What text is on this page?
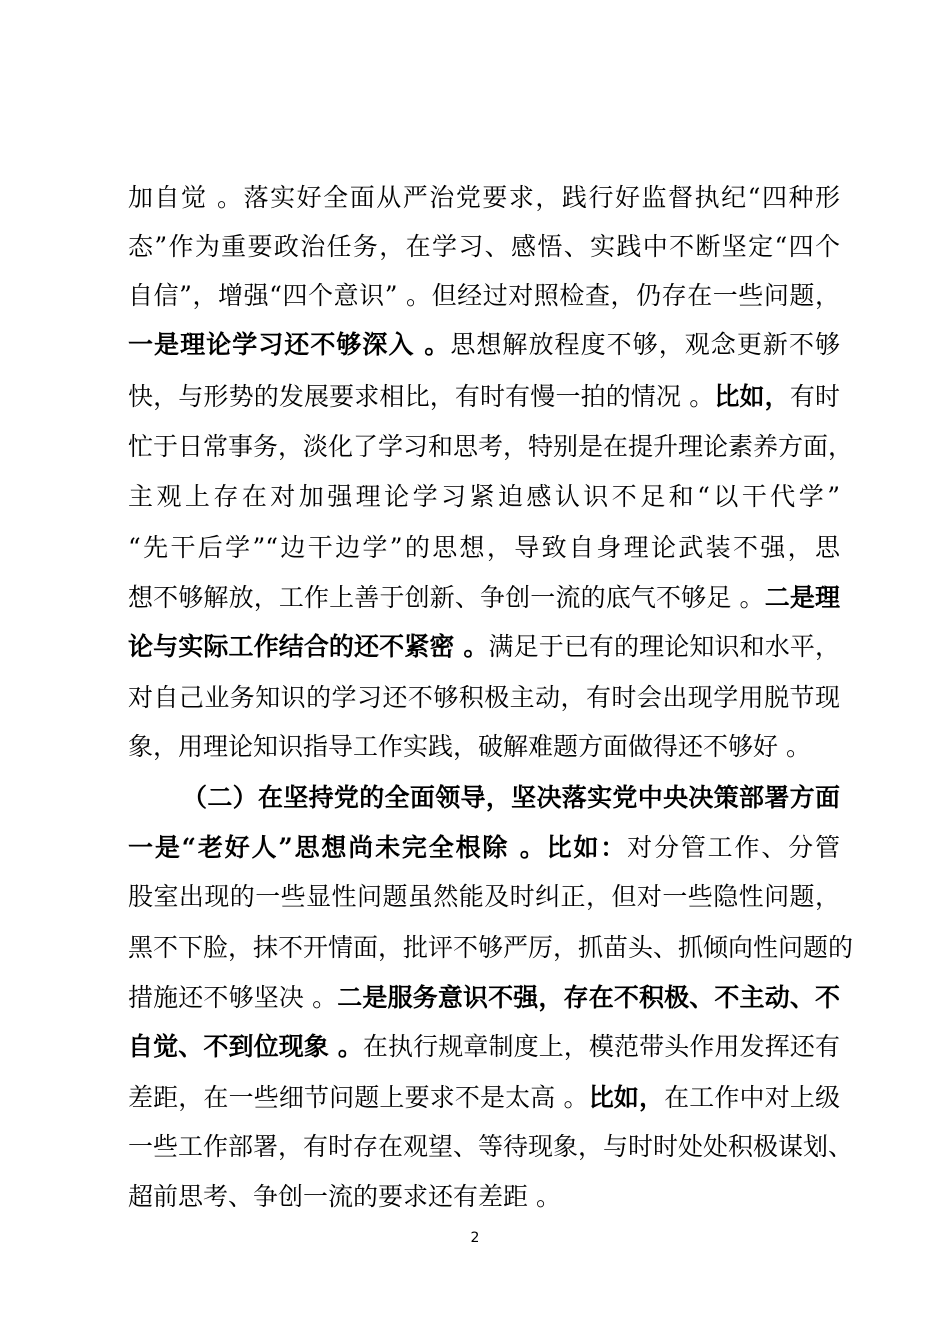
加自觉 。落实好全面从严治党要求，践行好监督执纪“四种形
态”作为重要政治任务，在学习、感悟、实践中不断坚定“四个
自信”，增强“四个意识” 。但经过对照检查，仍存在一些问题，
一是理论学习还不够深入 。思想解放程度不够，观念更新不够
快，与形势的发展要求相比，有时有慢一拍的情况 。比如，有时
忙于日常事务，淡化了学习和思考，特别是在提升理论素养方面，
主观上存在对加强理论学习紧迫感认识不足和“以干代学”
“先干后学”“边干边学”的思想，导致自身理论武装不强，思
想不够解放，工作上善于创新、争创一流的底气不够足 。二是理
论与实际工作结合的还不紧密 。满足于已有的理论知识和水平，
对自己业务知识的学习还不够积极主动，有时会出现学用脱节现
象，用理论知识指导工作实践，破解难题方面做得还不够好 。
（二）在坚持党的全面领导，坚决落实党中央决策部署方面
一是“老好人”思想尚未完全根除 。比如：对分管工作、分管
股室出现的一些显性问题虽然能及时纠正，但对一些隐性问题，
黑不下脸，抹不开情面，批评不够严厉，抓苗头、抓倾向性问题的
措施还不够坚决 。二是服务意识不强，存在不积极、不主动、不
自觉、不到位现象 。在执行规章制度上，模范带头作用发挥还有
差距，在一些细节问题上要求不是太高 。比如，在工作中对上级
一些工作部署，有时存在观望、等待现象，与时时处处积极谋划、
超前思考、争创一流的要求还有差距 。
2
